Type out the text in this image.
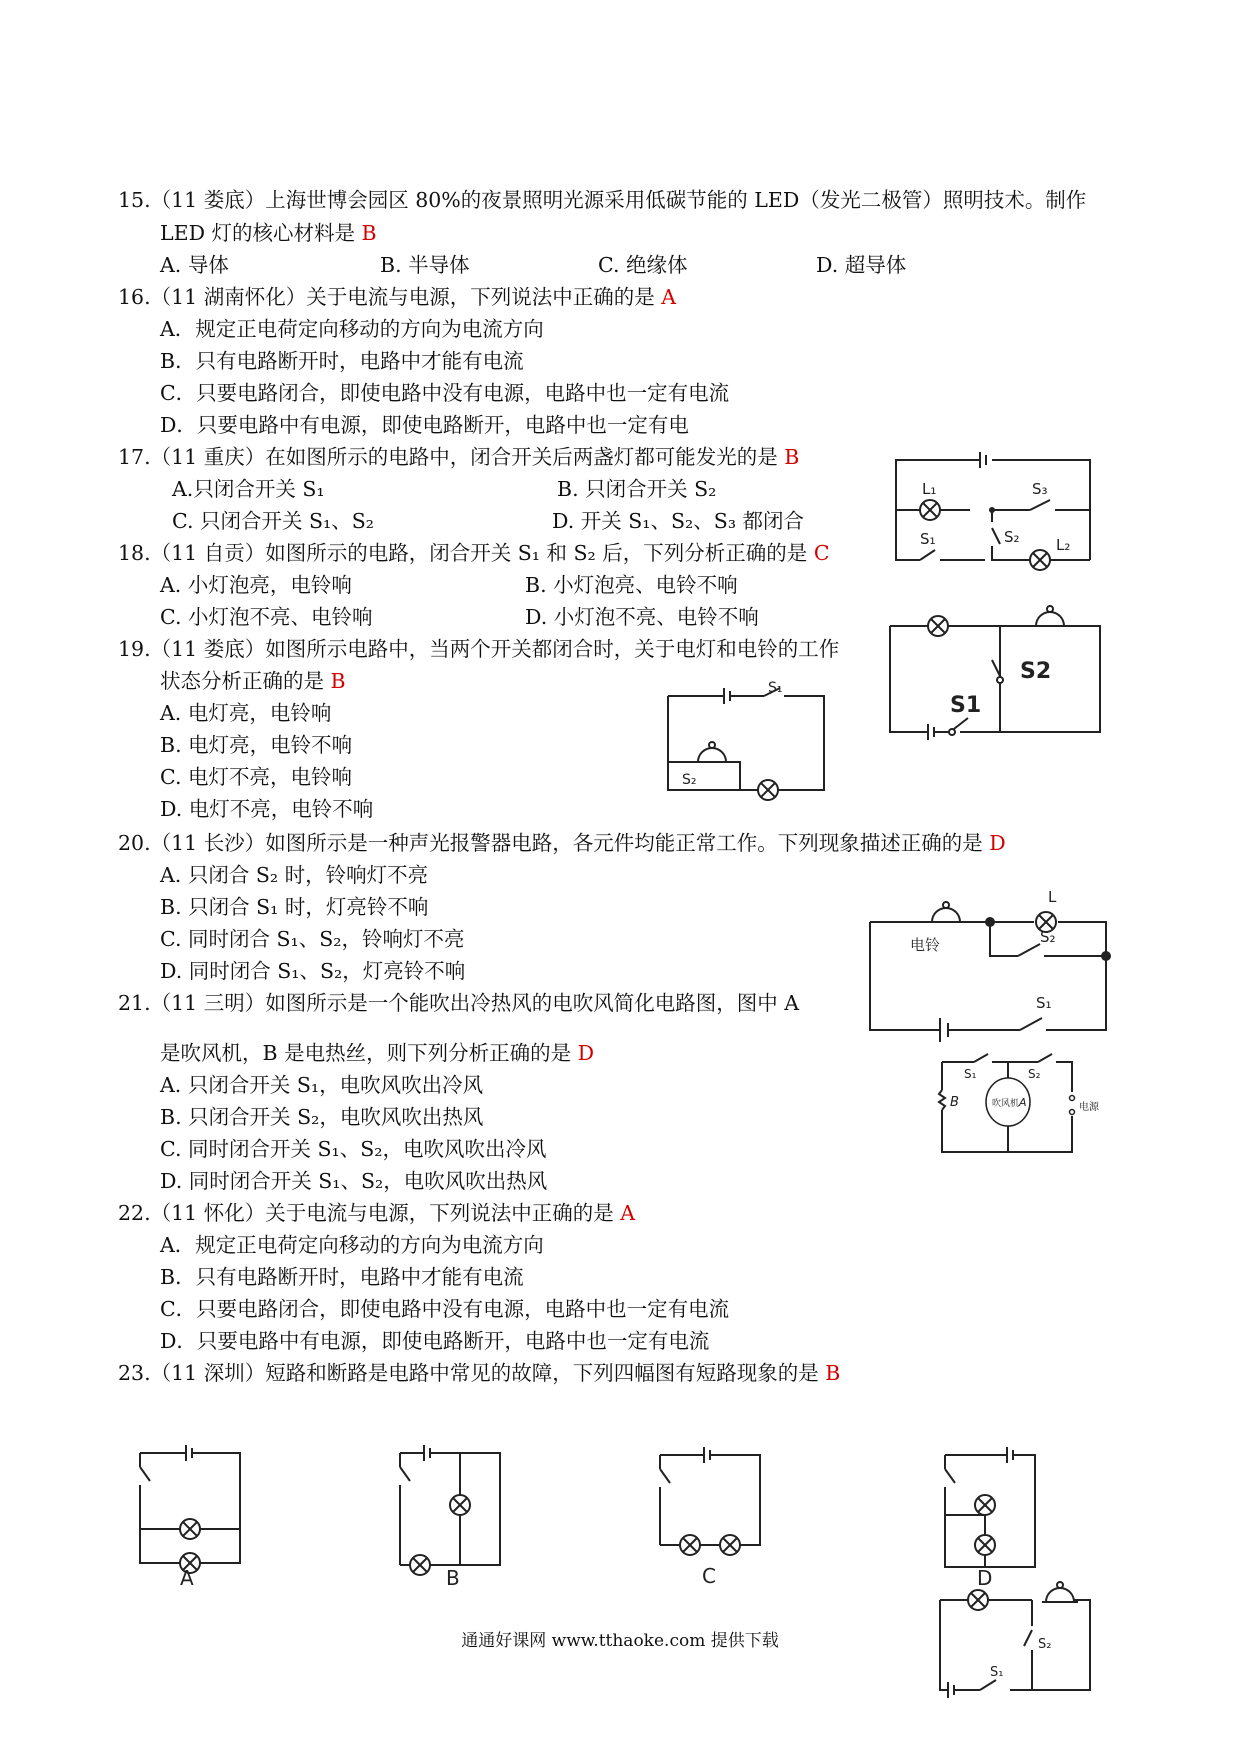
15.（11 娄底）上海世博会园区 80%的夜景照明光源采用低碳节能的 LED（发光二极管）照明技术。制作
LED 灯的核心材料是 B
A. 导体	B. 半导体	C. 绝缘体	D. 超导体
16.（11 湖南怀化）关于电流与电源，下列说法中正确的是 A
A．规定正电荷定向移动的方向为电流方向
B．只有电路断开时，电路中才能有电流
C．只要电路闭合，即使电路中没有电源，电路中也一定有电流
D．只要电路中有电源，即使电路断开，电路中也一定有电
17.（11 重庆）在如图所示的电路中，闭合开关后两盏灯都可能发光的是 B
A.只闭合开关 S₁	B. 只闭合开关 S₂
C. 只闭合开关 S₁、S₂	D. 开关 S₁、S₂、S₃ 都闭合
18.（11 自贡）如图所示的电路，闭合开关 S₁ 和 S₂ 后，下列分析正确的是 C
A. 小灯泡亮，电铃响	B. 小灯泡亮、电铃不响
C. 小灯泡不亮、电铃响	D. 小灯泡不亮、电铃不响
19.（11 娄底）如图所示电路中，当两个开关都闭合时，关于电灯和电铃的工作
状态分析正确的是 B
A. 电灯亮，电铃响
B. 电灯亮，电铃不响
C. 电灯不亮，电铃响
D. 电灯不亮，电铃不响
20.（11 长沙）如图所示是一种声光报警器电路，各元件均能正常工作。下列现象描述正确的是 D
A. 只闭合 S₂ 时，铃响灯不亮
B. 只闭合 S₁ 时，灯亮铃不响
C. 同时闭合 S₁、S₂，铃响灯不亮
D. 同时闭合 S₁、S₂，灯亮铃不响
21.（11 三明）如图所示是一个能吹出冷热风的电吹风简化电路图，图中 A
是吹风机，B 是电热丝，则下列分析正确的是 D
A. 只闭合开关 S₁，电吹风吹出冷风
B. 只闭合开关 S₂，电吹风吹出热风
C. 同时闭合开关 S₁、S₂，电吹风吹出冷风
D. 同时闭合开关 S₁、S₂，电吹风吹出热风
22.（11 怀化）关于电流与电源，下列说法中正确的是 A
A．规定正电荷定向移动的方向为电流方向
B．只有电路断开时，电路中才能有电流
C．只要电路闭合，即使电路中没有电源，电路中也一定有电流
D．只要电路中有电源，即使电路断开，电路中也一定有电流
23.（11 深圳）短路和断路是电路中常见的故障，下列四幅图有短路现象的是 B
L₁
L₂
S₁	S₂
S₃
S2
S1
S₁
S₂
电铃
L
S₂
S₁
S₁	S₂
B	吹风机 A	电源
A	B	C	D
S₂
S₁
通通好课网 www.tthaoke.com 提供下载
